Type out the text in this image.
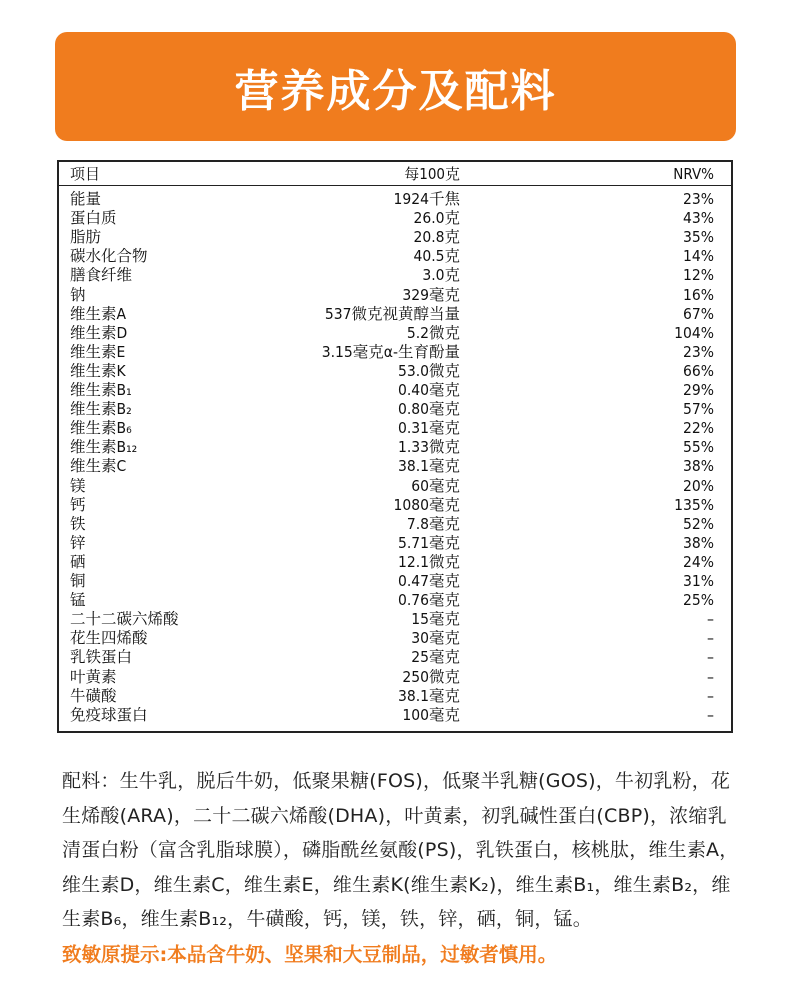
营养成分及配料
项目	每100克	NRV%
能量	1924千焦	23%
蛋白质	26.0克	43%
脂肪	20.8克	35%
碳水化合物	40.5克	14%
膳食纤维	3.0克	12%
钠	329毫克	16%
维生素A	537微克视黄醇当量	67%
维生素D	5.2微克	104%
维生素E	3.15毫克α-生育酚量	23%
维生素K	53.0微克	66%
维生素B₁	0.40毫克	29%
维生素B₂	0.80毫克	57%
维生素B₆	0.31毫克	22%
维生素B₁₂	1.33微克	55%
维生素C	38.1毫克	38%
镁	60毫克	20%
钙	1080毫克	135%
铁	7.8毫克	52%
锌	5.71毫克	38%
硒	12.1微克	24%
铜	0.47毫克	31%
锰	0.76毫克	25%
二十二碳六烯酸	15毫克	–
花生四烯酸	30毫克	–
乳铁蛋白	25毫克	–
叶黄素	250微克	–
牛磺酸	38.1毫克	–
免疫球蛋白	100毫克	–
配料：生牛乳，脱后牛奶，低聚果糖(FOS)，低聚半乳糖(GOS)，牛初乳粉，花生烯酸(ARA)，二十二碳六烯酸(DHA)，叶黄素，初乳碱性蛋白(CBP)，浓缩乳清蛋白粉（富含乳脂球膜），磷脂酰丝氨酸(PS)，乳铁蛋白，核桃肽，维生素A，维生素D，维生素C，维生素E，维生素K(维生素K₂)，维生素B₁，维生素B₂，维生素B₆，维生素B₁₂，牛磺酸，钙，镁，铁，锌，硒，铜，锰。
致敏原提示:本品含牛奶、坚果和大豆制品，过敏者慎用。
